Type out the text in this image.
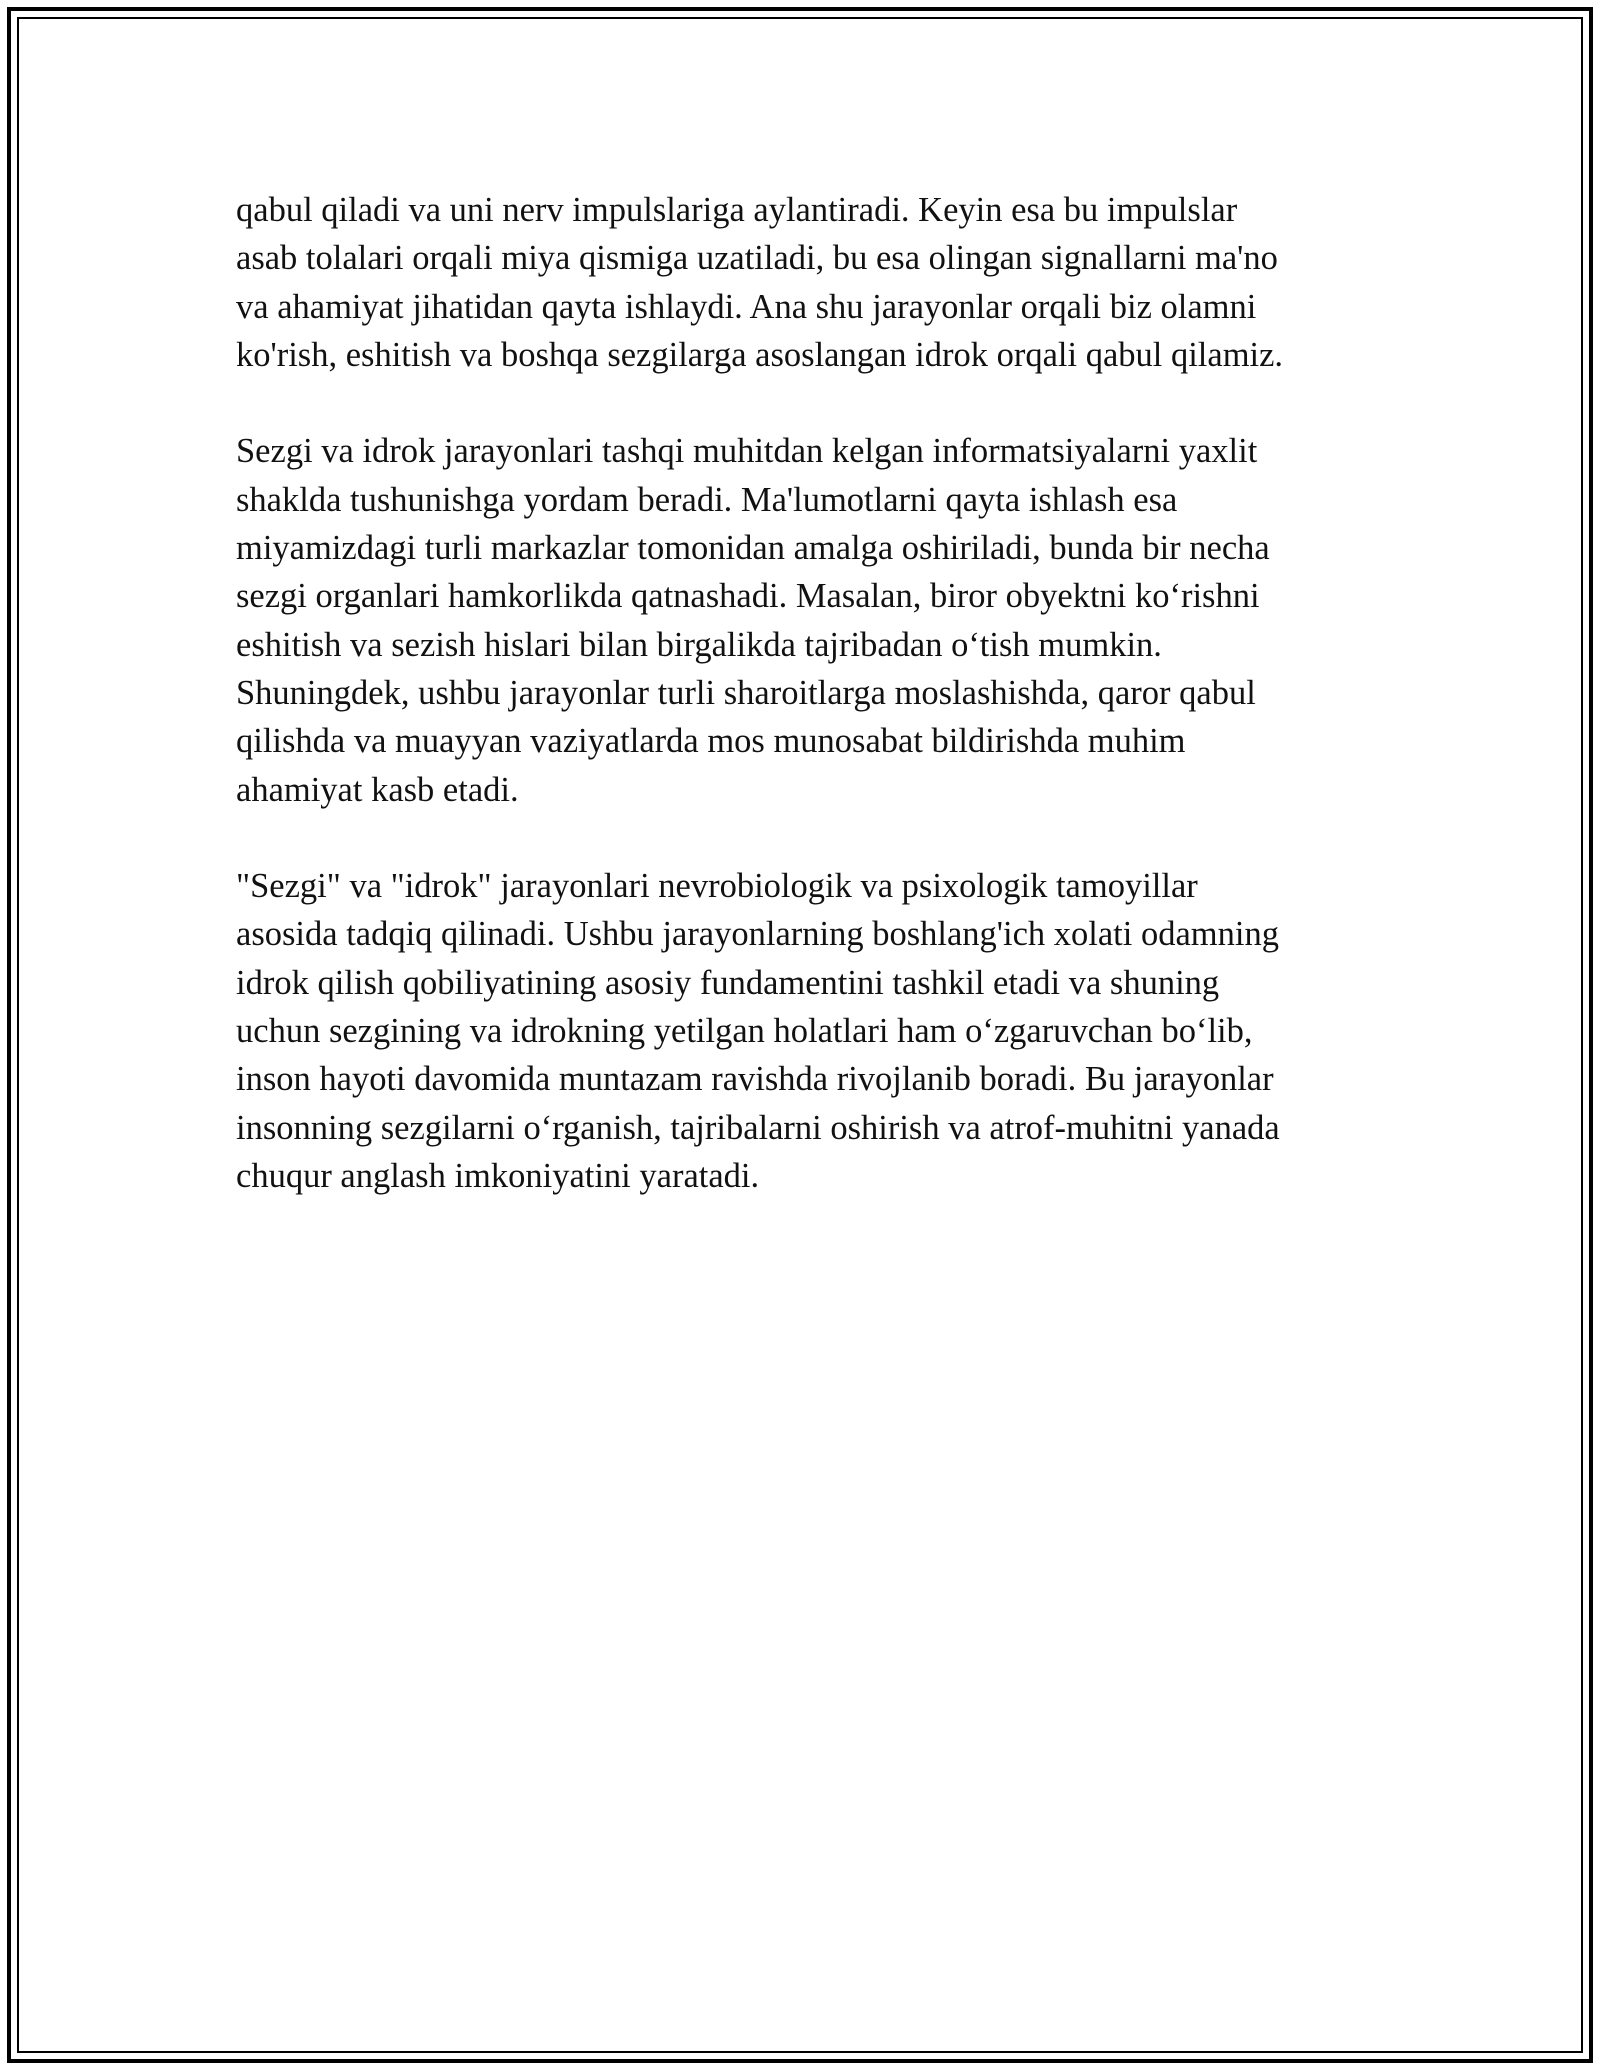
qabul qiladi va uni nerv impulslariga aylantiradi. Keyin esa bu impulslar
asab tolalari orqali miya qismiga uzatiladi, bu esa olingan signallarni ma'no
va ahamiyat jihatidan qayta ishlaydi. Ana shu jarayonlar orqali biz olamni
ko'rish, eshitish va boshqa sezgilarga asoslangan idrok orqali qabul qilamiz.
Sezgi va idrok jarayonlari tashqi muhitdan kelgan informatsiyalarni yaxlit
shaklda tushunishga yordam beradi. Ma'lumotlarni qayta ishlash esa
miyamizdagi turli markazlar tomonidan amalga oshiriladi, bunda bir necha
sezgi organlari hamkorlikda qatnashadi. Masalan, biror obyektni ko‘rishni
eshitish va sezish hislari bilan birgalikda tajribadan o‘tish mumkin.
Shuningdek, ushbu jarayonlar turli sharoitlarga moslashishda, qaror qabul
qilishda va muayyan vaziyatlarda mos munosabat bildirishda muhim
ahamiyat kasb etadi.
"Sezgi" va "idrok" jarayonlari nevrobiologik va psixologik tamoyillar
asosida tadqiq qilinadi. Ushbu jarayonlarning boshlang'ich xolati odamning
idrok qilish qobiliyatining asosiy fundamentini tashkil etadi va shuning
uchun sezgining va idrokning yetilgan holatlari ham o‘zgaruvchan bo‘lib,
inson hayoti davomida muntazam ravishda rivojlanib boradi. Bu jarayonlar
insonning sezgilarni o‘rganish, tajribalarni oshirish va atrof-muhitni yanada
chuqur anglash imkoniyatini yaratadi.
